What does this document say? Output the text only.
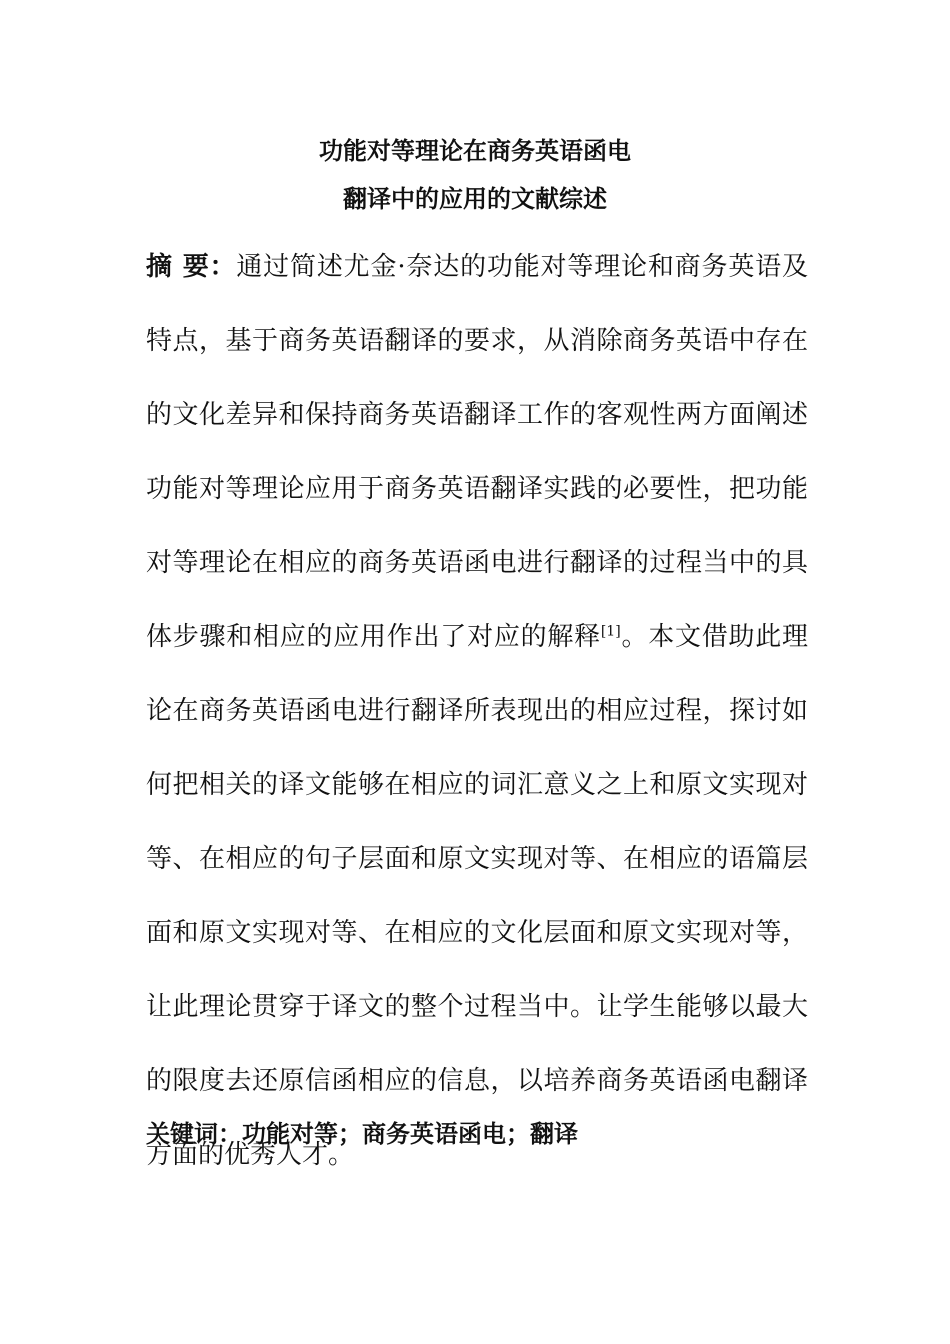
功能对等理论在商务英语函电
翻译中的应用的文献综述

摘 要：通过简述尤金·奈达的功能对等理论和商务英语及特点，基于商务英语翻译的要求，从消除商务英语中存在的文化差异和保持商务英语翻译工作的客观性两方面阐述功能对等理论应用于商务英语翻译实践的必要性，把功能对等理论在相应的商务英语函电进行翻译的过程当中的具体步骤和相应的应用作出了对应的解释[1]。本文借助此理论在商务英语函电进行翻译所表现出的相应过程，探讨如何把相关的译文能够在相应的词汇意义之上和原文实现对等、在相应的句子层面和原文实现对等、在相应的语篇层面和原文实现对等、在相应的文化层面和原文实现对等，让此理论贯穿于译文的整个过程当中。让学生能够以最大的限度去还原信函相应的信息，以培养商务英语函电翻译方面的优秀人才。

关键词：功能对等；商务英语函电；翻译
